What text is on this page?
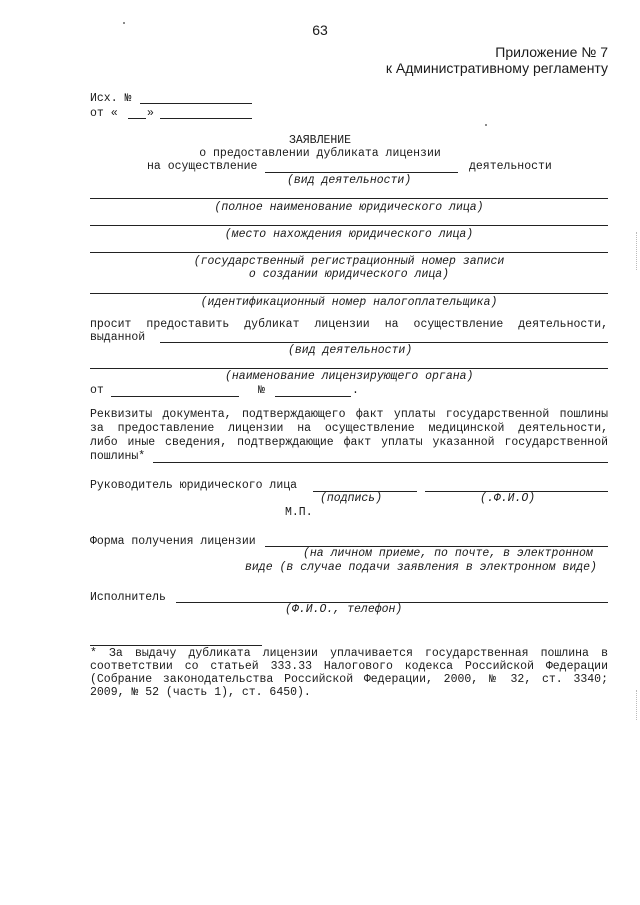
63
Приложение № 7
к Административному регламенту
Исх. №
от «	»
ЗАЯВЛЕНИЕ
о предоставлении дубликата лицензии
на осуществление	деятельности
(вид деятельности)
(полное наименование юридического лица)
(место нахождения юридического лица)
(государственный регистрационный номер записи
о создании юридического лица)
(идентификационный номер налогоплательщика)
просит предоставить дубликат лицензии на осуществление деятельности,
выданной
(вид деятельности)
(наименование лицензирующего органа)
от	№	.
Реквизиты документа, подтверждающего факт уплаты государственной пошлины
за предоставление лицензии на осуществление медицинской деятельности,
либо иные сведения, подтверждающие факт уплаты указанной государственной
пошлины*
Руководитель юридического лица
(подпись)	(.Ф.И.О)
М.П.
Форма получения лицензии
(на личном приеме, по почте, в электронном
виде (в случае подачи заявления в электронном виде)
Исполнитель
(Ф.И.О., телефон)
* За выдачу дубликата лицензии уплачивается государственная пошлина в
соответствии со статьей 333.33 Налогового кодекса Российской Федерации
(Собрание законодательства Российской Федерации, 2000, № 32, ст. 3340;
2009, № 52 (часть 1), ст. 6450).
